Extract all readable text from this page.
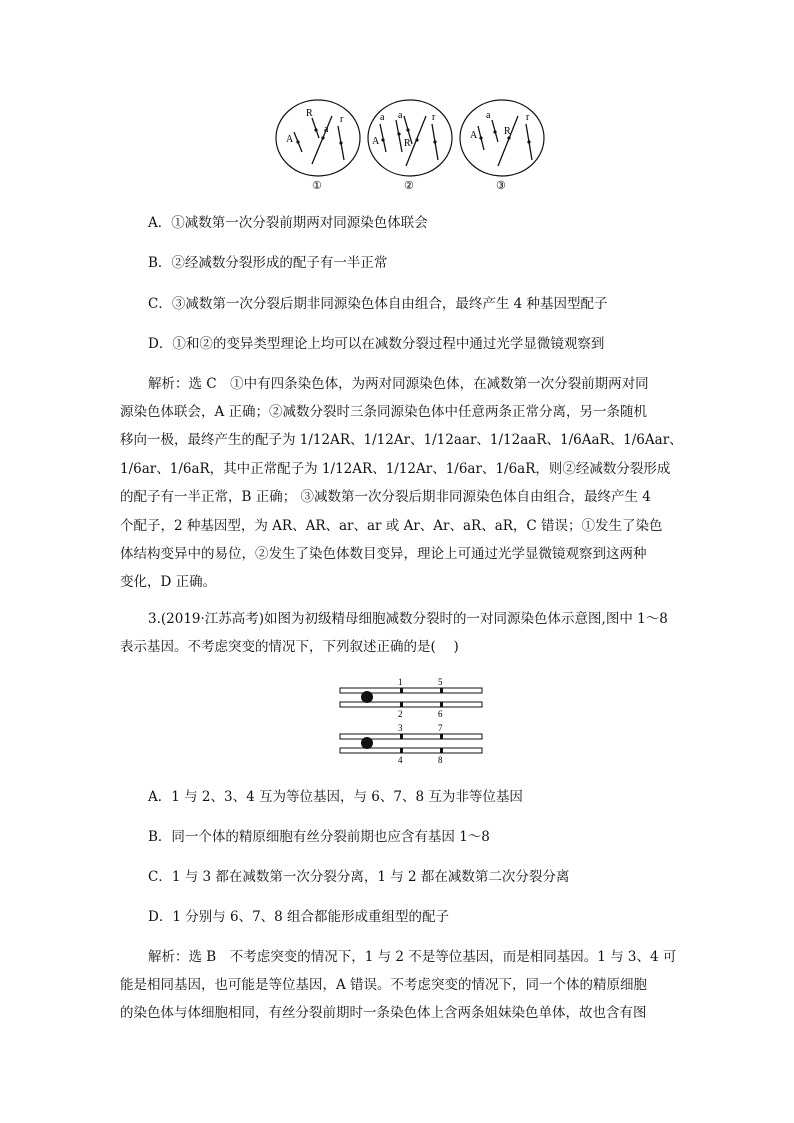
R
A
a
r
①
a a
A R
r
②
a
A	R
r
③
A．①减数第一次分裂前期两对同源染色体联会
B．②经减数分裂形成的配子有一半正常
C．③减数第一次分裂后期非同源染色体自由组合，最终产生 4 种基因型配子
D．①和②的变异类型理论上均可以在减数分裂过程中通过光学显微镜观察到
解析：选 C　①中有四条染色体，为两对同源染色体，在减数第一次分裂前期两对同
源染色体联会，A 正确；②减数分裂时三条同源染色体中任意两条正常分离，另一条随机
移向一极，最终产生的配子为 1/12AR、1/12Ar、1/12aar、1/12aaR、1/6AaR、1/6Aar、
1/6ar、1/6aR，其中正常配子为 1/12AR、1/12Ar、1/6ar、1/6aR，则②经减数分裂形成
的配子有一半正常，B 正确； ③减数第一次分裂后期非同源染色体自由组合，最终产生 4
个配子，2 种基因型，为 AR、AR、ar、ar 或 Ar、Ar、aR、aR，C 错误；①发生了染色
体结构变异中的易位，②发生了染色体数目变异，理论上可通过光学显微镜观察到这两种
变化，D 正确。
3.(2019·江苏高考)如图为初级精母细胞减数分裂时的一对同源染色体示意图,图中 1～8
表示基因。不考虑突变的情况下，下列叙述正确的是(　 )
1	5
2	6
3	7
4	8
A．1 与 2、3、4 互为等位基因，与 6、7、8 互为非等位基因
B．同一个体的精原细胞有丝分裂前期也应含有基因 1～8
C．1 与 3 都在减数第一次分裂分离，1 与 2 都在减数第二次分裂分离
D．1 分别与 6、7、8 组合都能形成重组型的配子
解析：选 B　不考虑突变的情况下，1 与 2 不是等位基因，而是相同基因。1 与 3、4 可
能是相同基因，也可能是等位基因，A 错误。不考虑突变的情况下，同一个体的精原细胞
的染色体与体细胞相同，有丝分裂前期时一条染色体上含两条姐妹染色单体，故也含有图
